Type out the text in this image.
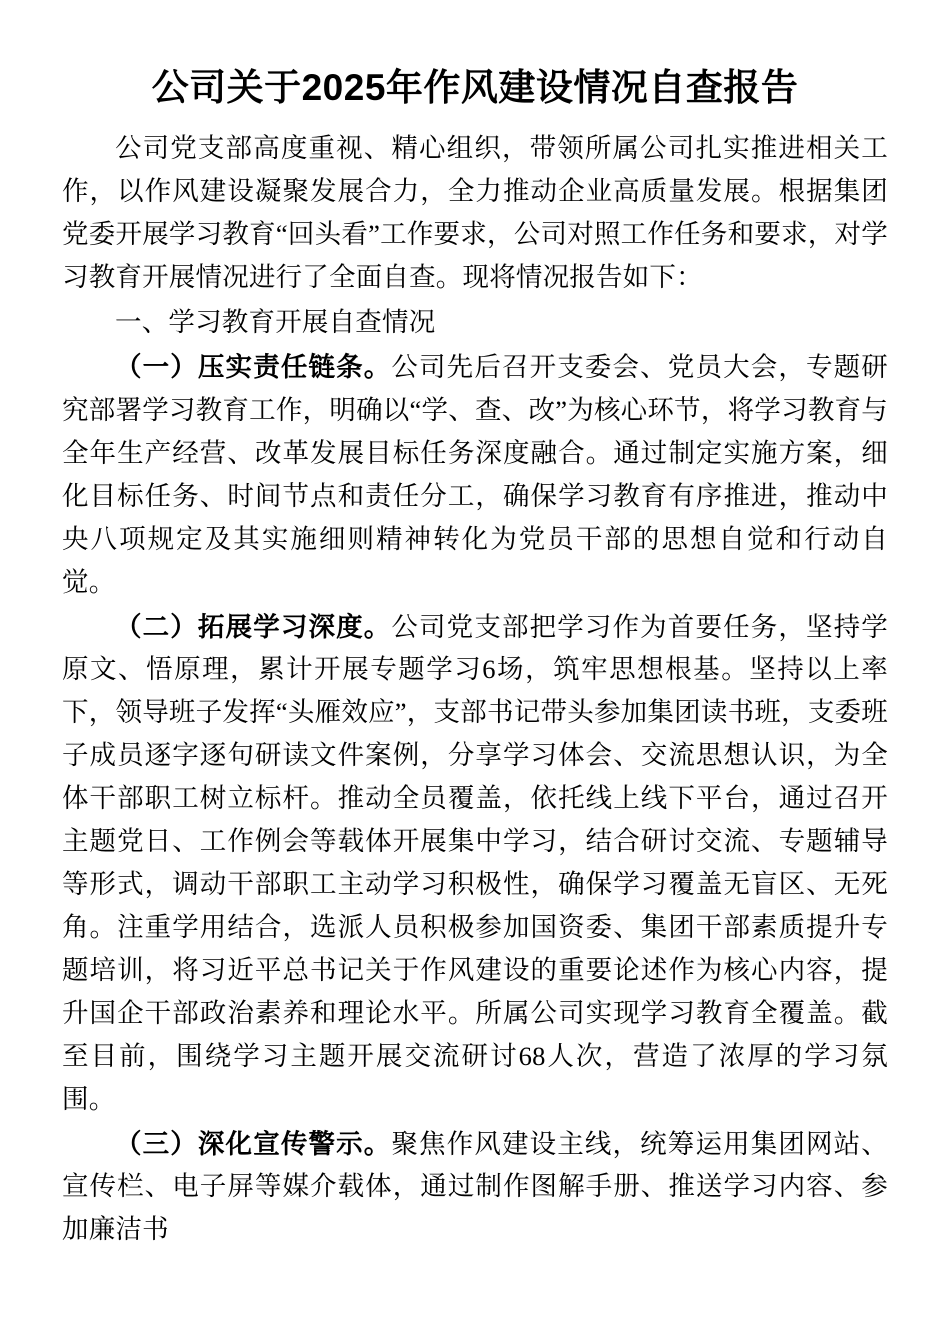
公司关于2025年作风建设情况自查报告

公司党支部高度重视、精心组织，带领所属公司扎实推进相关工作，以作风建设凝聚发展合力，全力推动企业高质量发展。根据集团党委开展学习教育“回头看”工作要求，公司对照工作任务和要求，对学习教育开展情况进行了全面自查。现将情况报告如下：

一、学习教育开展自查情况

（一）压实责任链条。公司先后召开支委会、党员大会，专题研究部署学习教育工作，明确以“学、查、改”为核心环节，将学习教育与全年生产经营、改革发展目标任务深度融合。通过制定实施方案，细化目标任务、时间节点和责任分工，确保学习教育有序推进，推动中央八项规定及其实施细则精神转化为党员干部的思想自觉和行动自觉。

（二）拓展学习深度。公司党支部把学习作为首要任务，坚持学原文、悟原理，累计开展专题学习6场，筑牢思想根基。坚持以上率下，领导班子发挥“头雁效应”，支部书记带头参加集团读书班，支委班子成员逐字逐句研读文件案例，分享学习体会、交流思想认识，为全体干部职工树立标杆。推动全员覆盖，依托线上线下平台，通过召开主题党日、工作例会等载体开展集中学习，结合研讨交流、专题辅导等形式，调动干部职工主动学习积极性，确保学习覆盖无盲区、无死角。注重学用结合，选派人员积极参加国资委、集团干部素质提升专题培训，将习近平总书记关于作风建设的重要论述作为核心内容，提升国企干部政治素养和理论水平。所属公司实现学习教育全覆盖。截至目前，围绕学习主题开展交流研讨68人次，营造了浓厚的学习氛围。

（三）深化宣传警示。聚焦作风建设主线，统筹运用集团网站、宣传栏、电子屏等媒介载体，通过制作图解手册、推送学习内容、参加廉洁书
